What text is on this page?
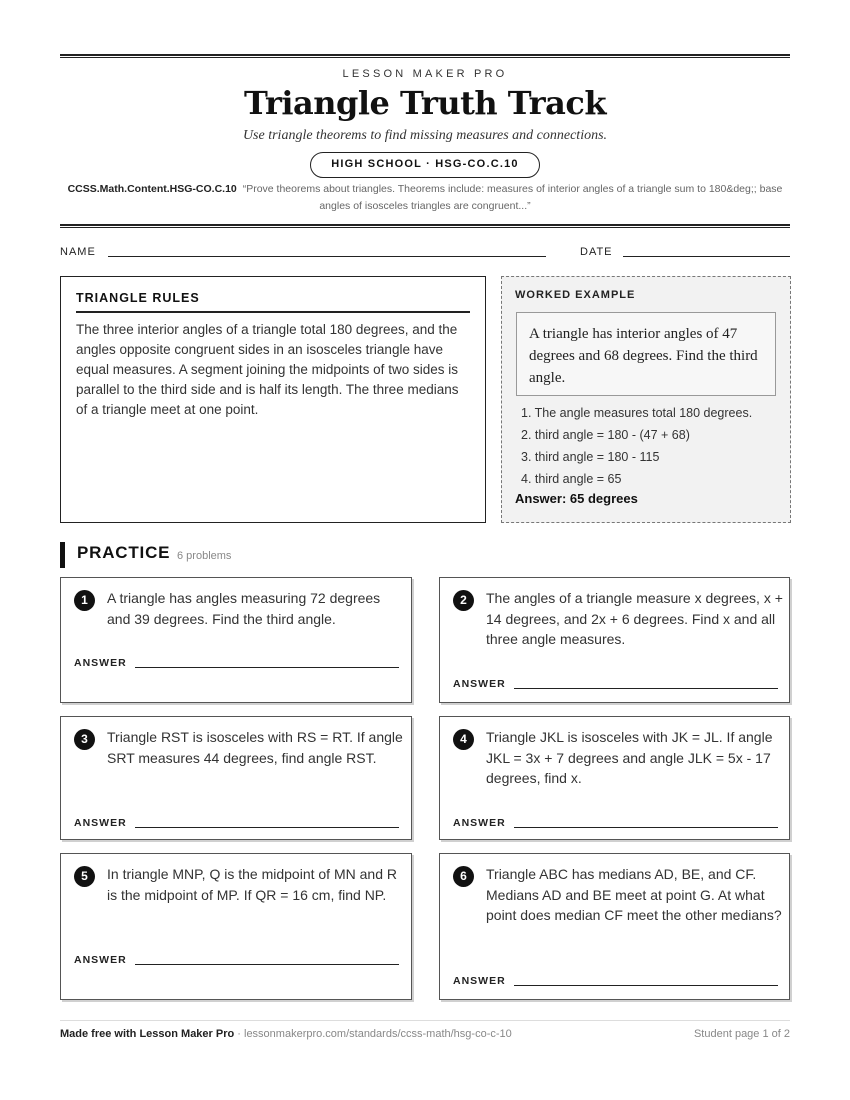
LESSON MAKER PRO
Triangle Truth Track
Use triangle theorems to find missing measures and connections.
HIGH SCHOOL · HSG-CO.C.10
CCSS.Math.Content.HSG-CO.C.10 “Prove theorems about triangles. Theorems include: measures of interior angles of a triangle sum to 180&deg;; base angles of isosceles triangles are congruent...”
NAME	DATE
TRIANGLE RULES
The three interior angles of a triangle total 180 degrees, and the angles opposite congruent sides in an isosceles triangle have equal measures. A segment joining the midpoints of two sides is parallel to the third side and is half its length. The three medians of a triangle meet at one point.
WORKED EXAMPLE
A triangle has interior angles of 47 degrees and 68 degrees. Find the third angle.
1. The angle measures total 180 degrees.
2. third angle = 180 - (47 + 68)
3. third angle = 180 - 115
4. third angle = 65
Answer: 65 degrees
PRACTICE 6 problems
1	A triangle has angles measuring 72 degrees and 39 degrees. Find the third angle.
ANSWER
2	The angles of a triangle measure x degrees, x + 14 degrees, and 2x + 6 degrees. Find x and all three angle measures.
ANSWER
3	Triangle RST is isosceles with RS = RT. If angle SRT measures 44 degrees, find angle RST.
ANSWER
4	Triangle JKL is isosceles with JK = JL. If angle JKL = 3x + 7 degrees and angle JLK = 5x - 17 degrees, find x.
ANSWER
5	In triangle MNP, Q is the midpoint of MN and R is the midpoint of MP. If QR = 16 cm, find NP.
ANSWER
6	Triangle ABC has medians AD, BE, and CF. Medians AD and BE meet at point G. At what point does median CF meet the other medians?
ANSWER
Made free with Lesson Maker Pro · lessonmakerpro.com/standards/ccss-math/hsg-co-c-10	Student page 1 of 2
